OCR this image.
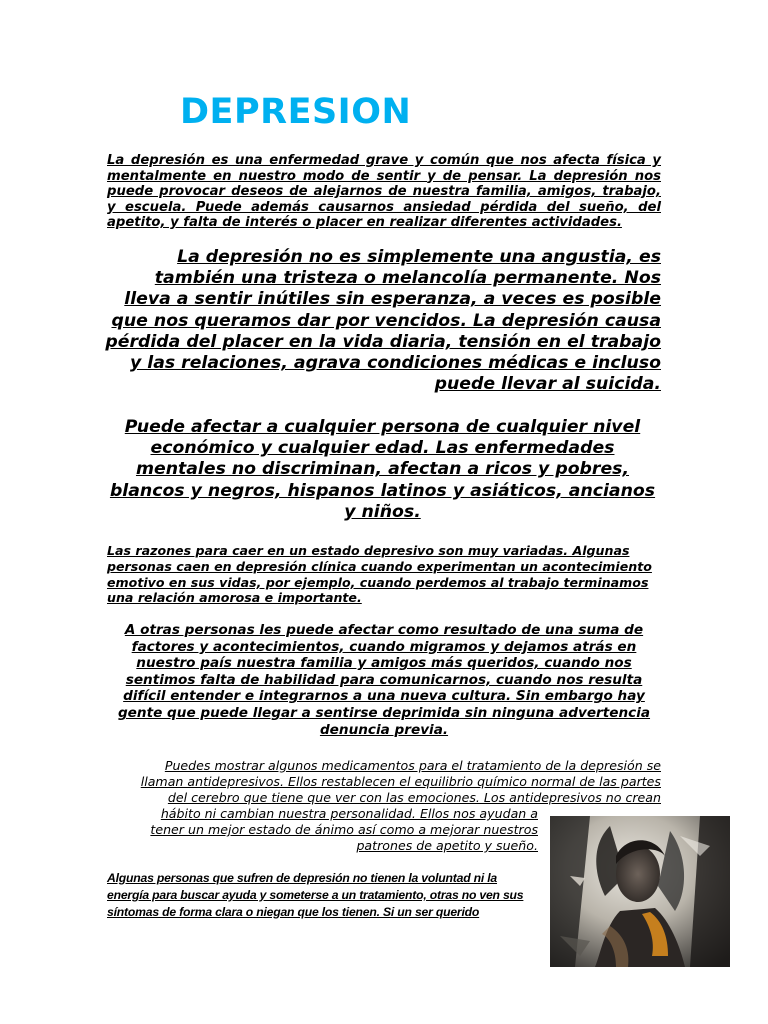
DEPRESION

La depresión es una enfermedad grave y común que nos afecta física y mentalmente en nuestro modo de sentir y de pensar. La depresión nos puede provocar deseos de alejarnos de nuestra familia, amigos, trabajo, y escuela. Puede además causarnos ansiedad pérdida del sueño, del apetito, y falta de interés o placer en realizar diferentes actividades.

La depresión no es simplemente una angustia, es también una tristeza o melancolía permanente. Nos lleva a sentir inútiles sin esperanza, a veces es posible que nos queramos dar por vencidos. La depresión causa pérdida del placer en la vida diaria, tensión en el trabajo y las relaciones, agrava condiciones médicas e incluso puede llevar al suicida.

Puede afectar a cualquier persona de cualquier nivel económico y cualquier edad. Las enfermedades mentales no discriminan, afectan a ricos y pobres, blancos y negros, hispanos latinos y asiáticos, ancianos y niños.

Las razones para caer en un estado depresivo son muy variadas. Algunas personas caen en depresión clínica cuando experimentan un acontecimiento emotivo en sus vidas, por ejemplo, cuando perdemos al trabajo terminamos una relación amorosa e importante.

A otras personas les puede afectar como resultado de una suma de factores y acontecimientos, cuando migramos y dejamos atrás en nuestro país nuestra familia y amigos más queridos, cuando nos sentimos falta de habilidad para comunicarnos, cuando nos resulta difícil entender e integrarnos a una nueva cultura. Sin embargo hay gente que puede llegar a sentirse deprimida sin ninguna advertencia denuncia previa.

Puedes mostrar algunos medicamentos para el tratamiento de la depresión se
llaman antidepresivos. Ellos restablecen el equilibrio químico normal de las partes
del cerebro que tiene que ver con las emociones. Los antidepresivos no crean
hábito ni cambian nuestra personalidad. Ellos nos ayudan a
tener un mejor estado de ánimo así como a mejorar nuestros
patrones de apetito y sueño.

Algunas personas que sufren de depresión no tienen la voluntad ni la energía para buscar ayuda y someterse a un tratamiento, otras no ven sus síntomas de forma clara o niegan que los tienen. Si un ser querido
